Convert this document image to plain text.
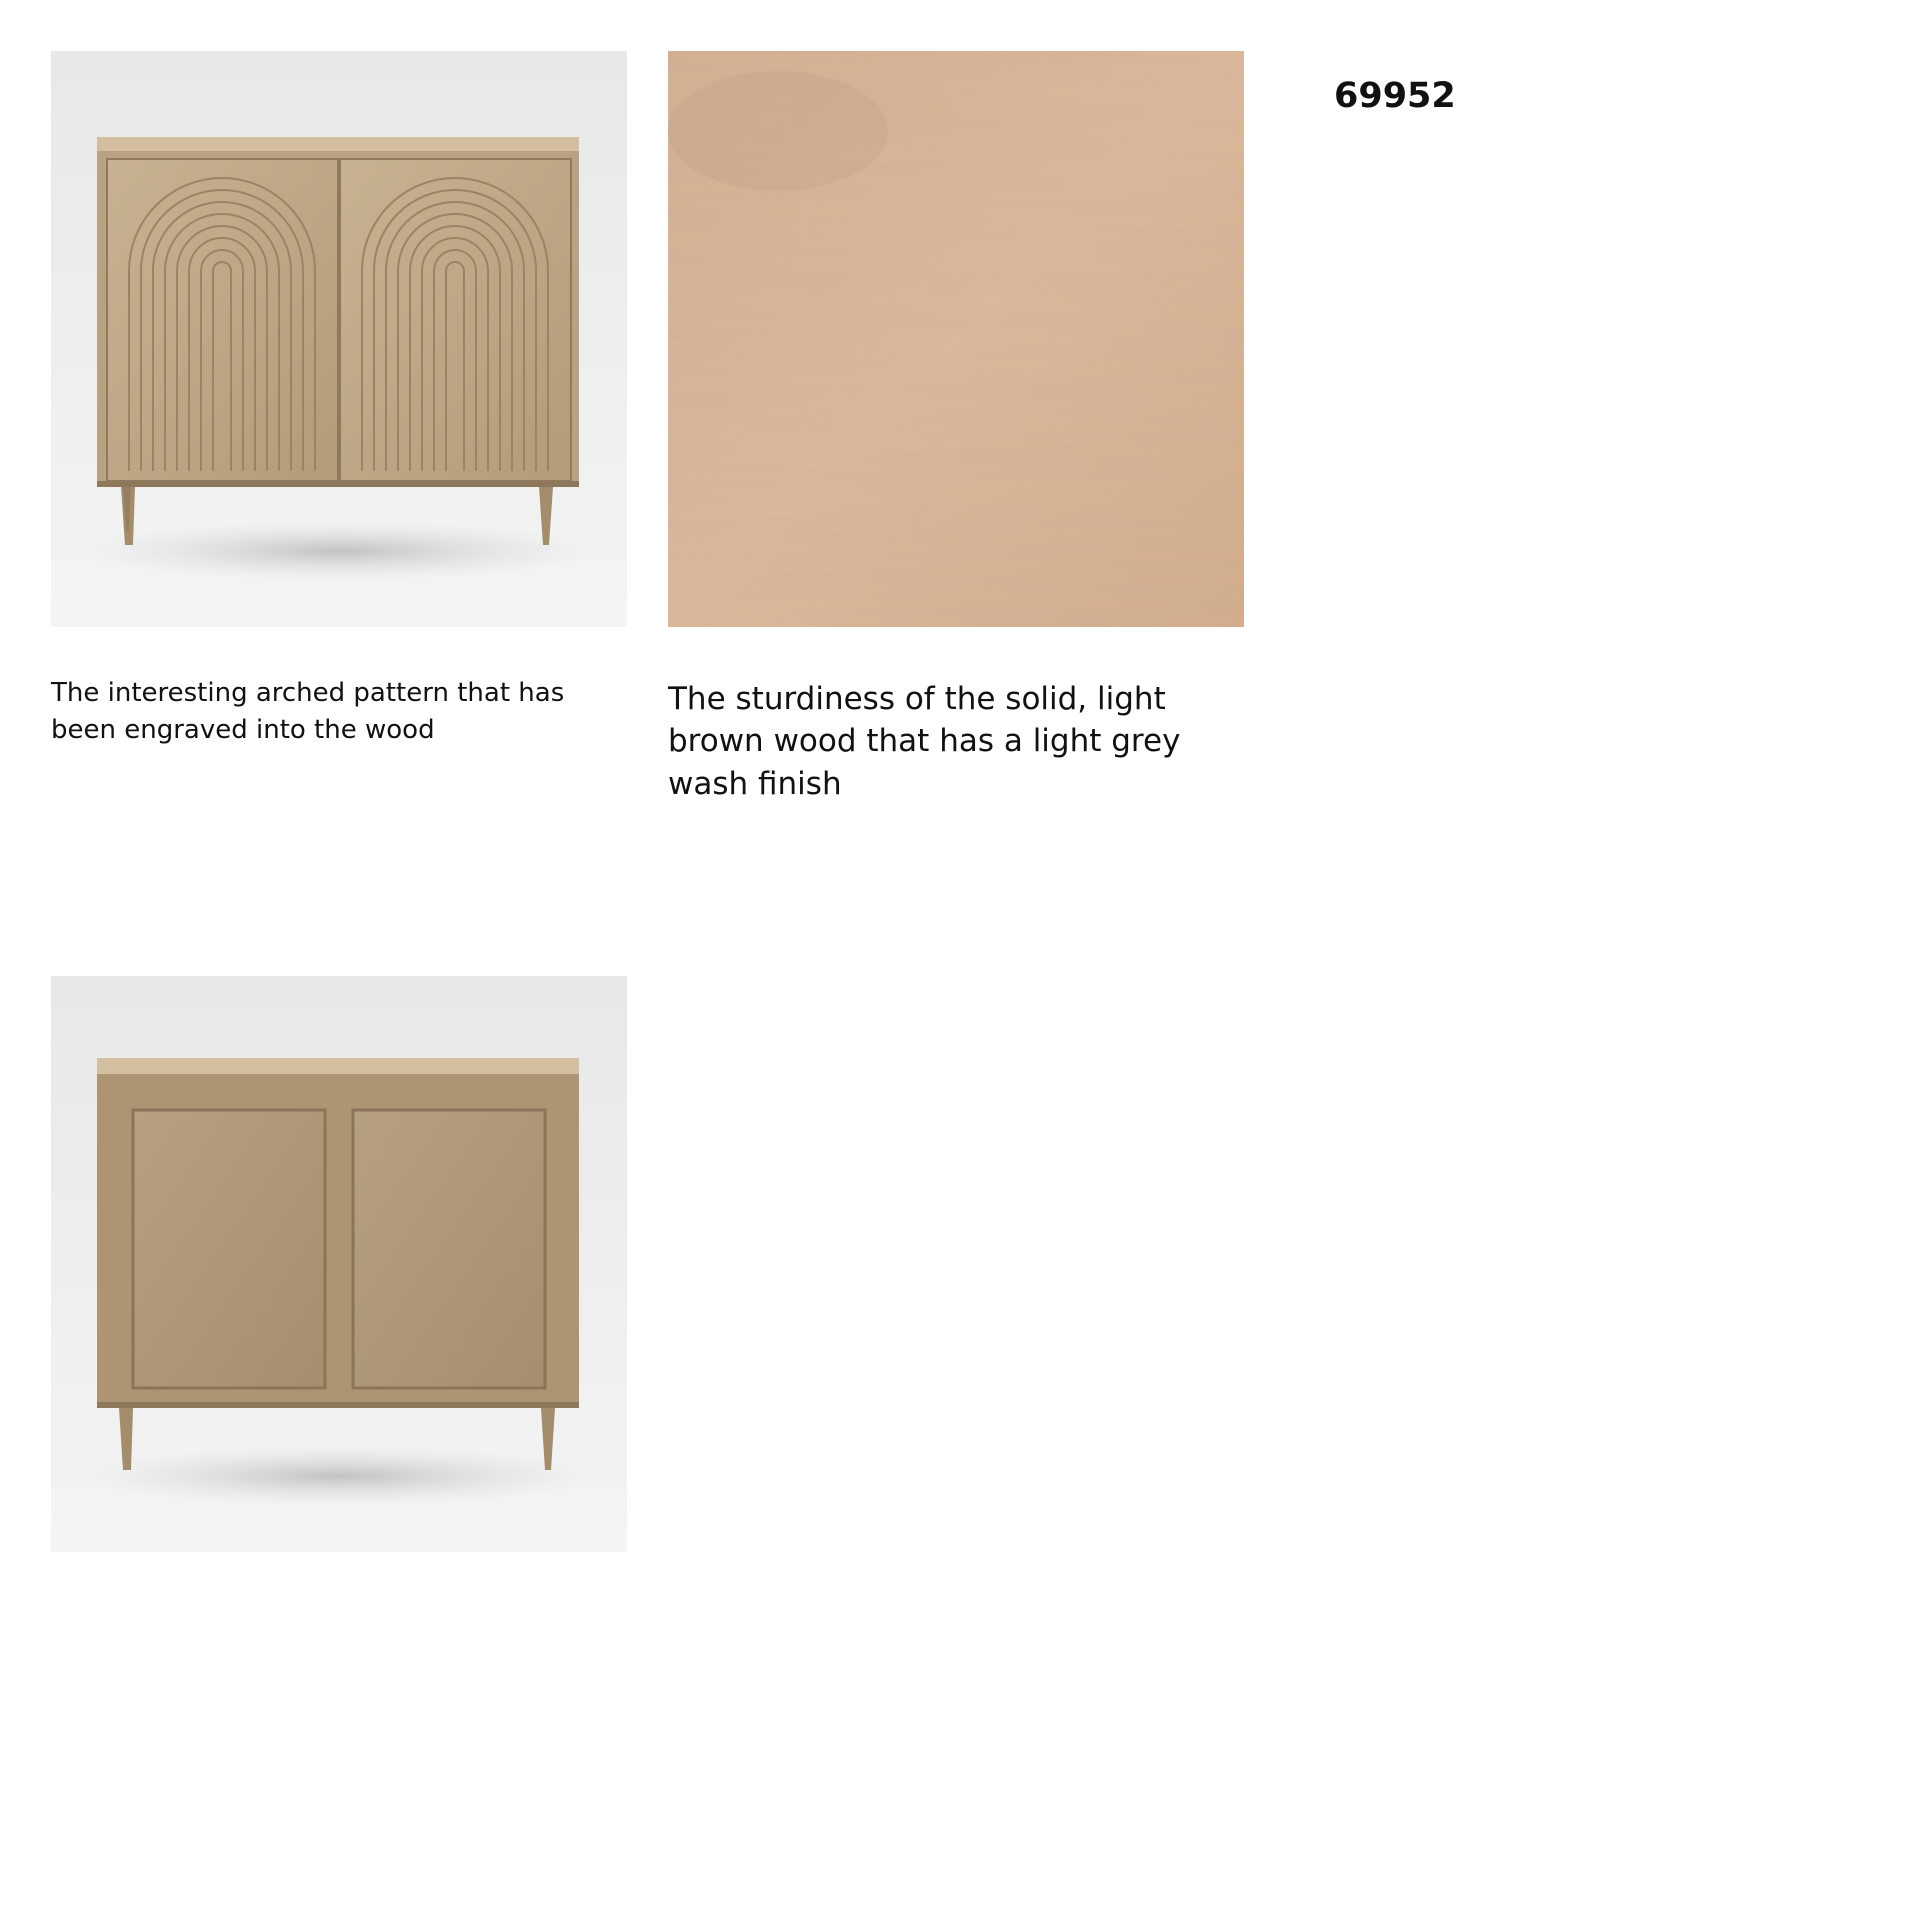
The interesting arched pattern that has been engraved into the wood
The sturdiness of the solid, light brown wood that has a light grey wash finish
69952
